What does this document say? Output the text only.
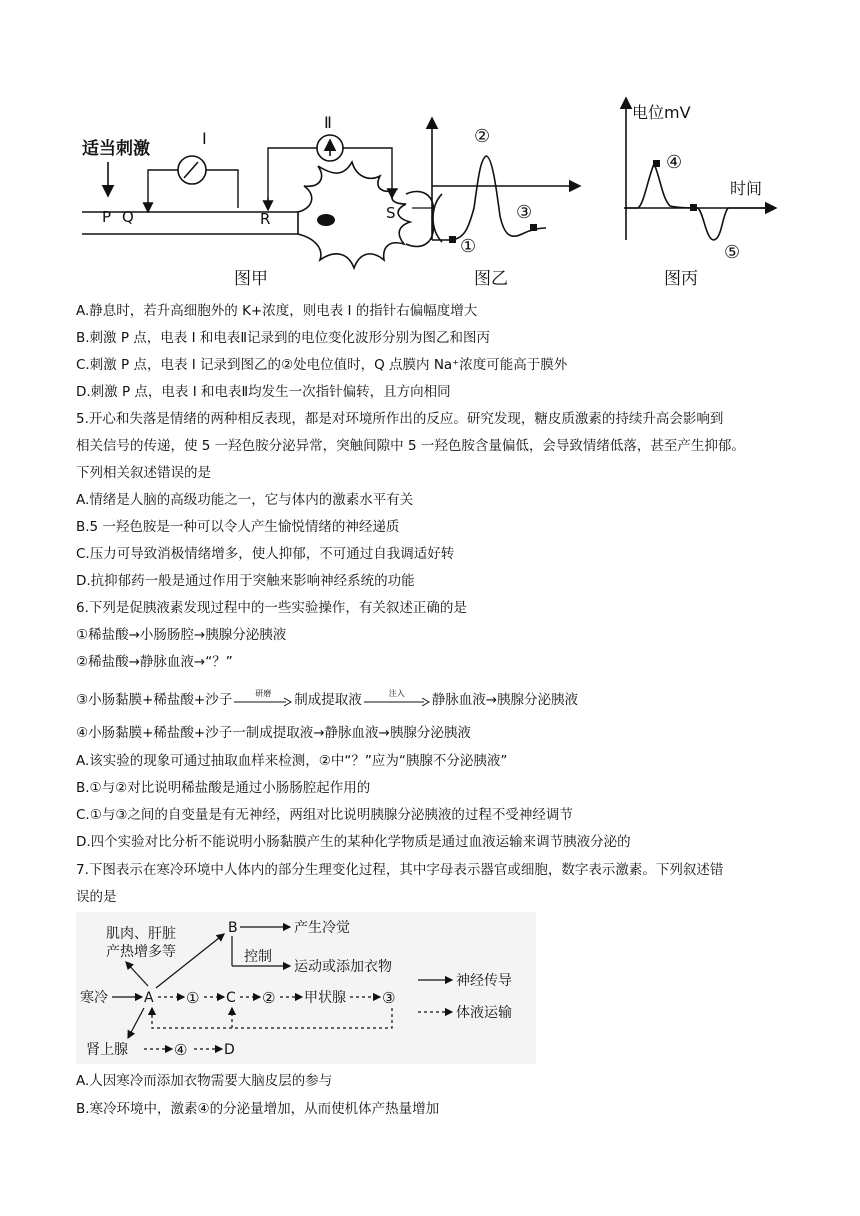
适当刺激
Ⅰ
Ⅱ
P Q	R	S
图甲
②
①
③
图乙
电位mV
时间
④
⑤
图丙
A.静息时，若升高细胞外的 K+浓度，则电表 I 的指针右偏幅度增大
B.刺激 P 点，电表 I 和电表Ⅱ记录到的电位变化波形分别为图乙和图丙
C.刺激 P 点，电表 I 记录到图乙的②处电位值时，Q 点膜内 Na⁺浓度可能高于膜外
D.刺激 P 点，电表 I 和电表Ⅱ均发生一次指针偏转，且方向相同
5.开心和失落是情绪的两种相反表现，都是对环境所作出的反应。研究发现，糖皮质激素的持续升高会影响到
相关信号的传递，使 5 一羟色胺分泌异常，突触间隙中 5 一羟色胺含量偏低，会导致情绪低落，甚至产生抑郁。
下列相关叙述错误的是
A.情绪是人脑的高级功能之一，它与体内的激素水平有关
B.5 一羟色胺是一种可以令人产生愉悦情绪的神经递质
C.压力可导致消极情绪增多，使人抑郁，不可通过自我调适好转
D.抗抑郁药一般是通过作用于突触来影响神经系统的功能
6.下列是促胰液素发现过程中的一些实验操作，有关叙述正确的是
①稀盐酸→小肠肠腔→胰腺分泌胰液
②稀盐酸→静脉血液→“？”
③小肠黏膜+稀盐酸+沙子	研磨	制成提取液	注入	静脉血液→胰腺分泌胰液
④小肠黏膜+稀盐酸+沙子一制成提取液→静脉血液→胰腺分泌胰液
A.该实验的现象可通过抽取血样来检测，②中“？”应为“胰腺不分泌胰液”
B.①与②对比说明稀盐酸是通过小肠肠腔起作用的
C.①与③之间的自变量是有无神经，两组对比说明胰腺分泌胰液的过程不受神经调节
D.四个实验对比分析不能说明小肠黏膜产生的某种化学物质是通过血液运输来调节胰液分泌的
7.下图表示在寒冷环境中人体内的部分生理变化过程，其中字母表示器官或细胞，数字表示激素。下列叙述错
误的是
肌肉、肝脏
产热增多等
B	产生冷觉
控制
运动或添加衣物
寒冷	A ① C ② 甲状腺 ③
肾上腺	④	D
神经传导
体液运输
A.人因寒冷而添加衣物需要大脑皮层的参与
B.寒冷环境中，激素④的分泌量增加，从而使机体产热量增加
